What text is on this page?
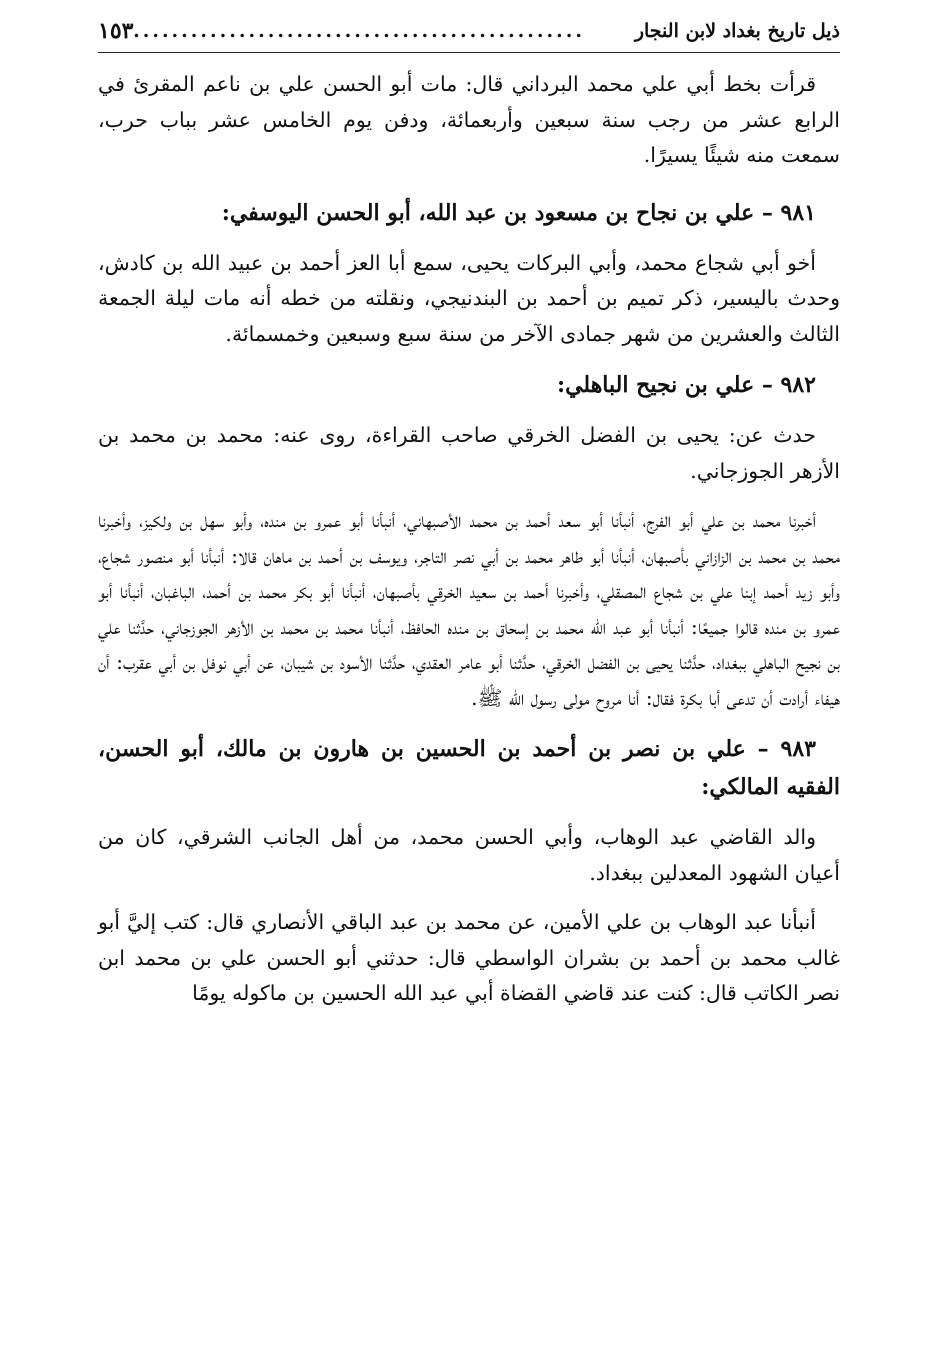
ذيل تاريخ بغداد لابن النجار
...............................................
١٥٣

قرأت بخط أبي علي محمد البرداني قال: مات أبو الحسن علي بن ناعم المقرئ في الرابع عشر من رجب سنة سبعين وأربعمائة، ودفن يوم الخامس عشر بباب حرب، سمعت منه شيئًا يسيرًا.

٩٨١ – علي بن نجاح بن مسعود بن عبد الله، أبو الحسن اليوسفي:

أخو أبي شجاع محمد، وأبي البركات يحيى، سمع أبا العز أحمد بن عبيد الله بن كادش، وحدث باليسير، ذكر تميم بن أحمد بن البندنيجي، ونقلته من خطه أنه مات ليلة الجمعة الثالث والعشرين من شهر جمادى الآخر من سنة سبع وسبعين وخمسمائة.

٩٨٢ – علي بن نجيح الباهلي:

حدث عن: يحيى بن الفضل الخرقي صاحب القراءة، روى عنه: محمد بن محمد بن الأزهر الجوزجاني.

أخبرنا محمد بن علي أبو الفرج، أنبأنا أبو سعد أحمد بن محمد الأصبهاني، أنبأنا أبو عمرو بن منده، وأبو سهل بن ولكيز، وأخبرنا محمد بن محمد بن الزازاني بأصبهان، أنبأنا أبو طاهر محمد بن أبي نصر التاجر، ويوسف بن أحمد بن ماهان قالا: أنبأنا أبو منصور شجاع، وأبو زيد أحمد إبنا علي بن شجاع المصقلي، وأخبرنا أحمد بن سعيد الخرقي بأصبهان، أنبأنا أبو بكر محمد بن أحمد، الباغبان، أنبأنا أبو عمرو بن منده قالوا جميعًا: أنبأنا أبو عبد الله محمد بن إسحاق بن منده الحافظ، أنبأنا محمد بن محمد بن الأزهر الجوزجاني، حدَّثنا علي بن نجيح الباهلي ببغداد، حدَّثنا يحيى بن الفضل الخرقي، حدَّثنا أبو عامر العقدي، حدَّثنا الأسود بن شيبان، عن أبي نوفل بن أبي عقرب: أن هيفاء أرادت أن تدعى أبا بكرة فقال: أنا مروح مولى رسول الله ﷺ.

٩٨٣ – علي بن نصر بن أحمد بن الحسين بن هارون بن مالك، أبو الحسن، الفقيه المالكي:

والد القاضي عبد الوهاب، وأبي الحسن محمد، من أهل الجانب الشرقي، كان من أعيان الشهود المعدلين ببغداد.

أنبأنا عبد الوهاب بن علي الأمين، عن محمد بن عبد الباقي الأنصاري قال: كتب إليَّ أبو غالب محمد بن أحمد بن بشران الواسطي قال: حدثني أبو الحسن علي بن محمد ابن نصر الكاتب قال: كنت عند قاضي القضاة أبي عبد الله الحسين بن ماكوله يومًا
